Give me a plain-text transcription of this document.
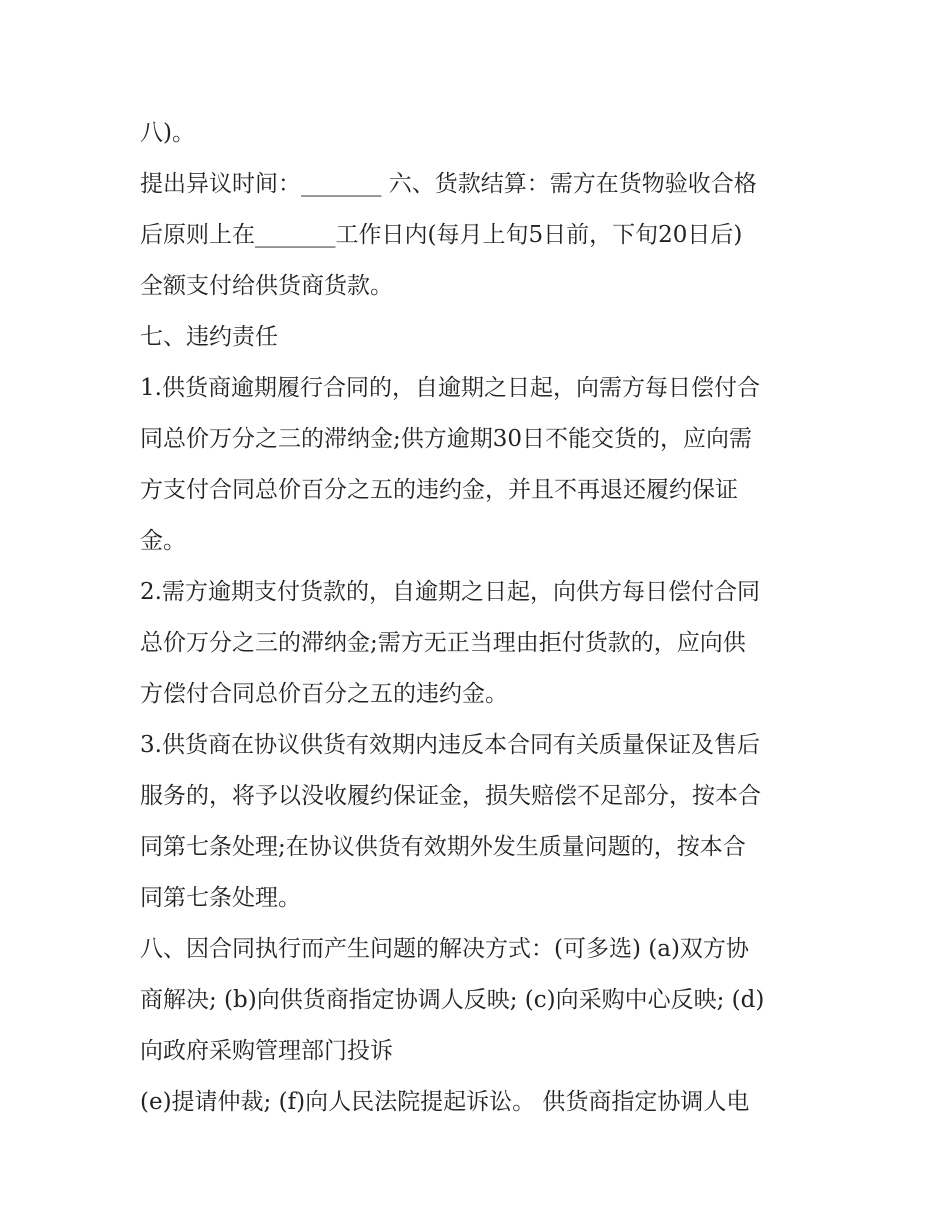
八)。
提出异议时间：_______ 六、货款结算：需方在货物验收合格
后原则上在_______工作日内(每月上旬5日前，下旬20日后)
全额支付给供货商货款。
七、违约责任
1.供货商逾期履行合同的，自逾期之日起，向需方每日偿付合
同总价万分之三的滞纳金;供方逾期30日不能交货的，应向需
方支付合同总价百分之五的违约金，并且不再退还履约保证
金。
2.需方逾期支付货款的，自逾期之日起，向供方每日偿付合同
总价万分之三的滞纳金;需方无正当理由拒付货款的，应向供
方偿付合同总价百分之五的违约金。
3.供货商在协议供货有效期内违反本合同有关质量保证及售后
服务的，将予以没收履约保证金，损失赔偿不足部分，按本合
同第七条处理;在协议供货有效期外发生质量问题的，按本合
同第七条处理。
八、因合同执行而产生问题的解决方式：(可多选) (a)双方协
商解决; (b)向供货商指定协调人反映; (c)向采购中心反映; (d)
向政府采购管理部门投诉
(e)提请仲裁; (f)向人民法院提起诉讼。 供货商指定协调人电
